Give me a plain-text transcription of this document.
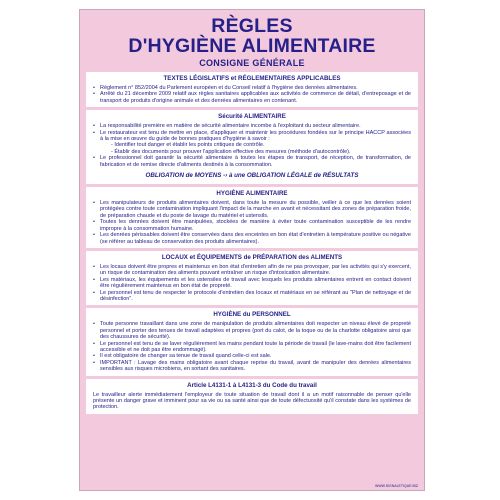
RÈGLES
D'HYGIÈNE ALIMENTAIRE
CONSIGNE GÉNÉRALE
TEXTES LÉGISLATIFS et RÉGLEMENTAIRES APPLICABLES
• Règlement n° 852/2004 du Parlement européen et du Conseil relatif à l'hygiène des denrées alimentaires.
• Arrêté du 21 décembre 2009 relatif aux règles sanitaires applicables aux activités de commerce de détail, d'entreposage et de transport de produits d'origine animale et des denrées alimentaires en contenant.
Sécurité ALIMENTAIRE
• La responsabilité première en matière de sécurité alimentaire incombe à l'exploitant du secteur alimentaire.
• Le restaurateur est tenu de mettre en place, d'appliquer et maintenir les procédures fondées sur le principe HACCP associées à la mise en œuvre du guide de bonnes pratiques d'hygiène à savoir :
- Identifier tout danger et établir les points critiques de contrôle.
- Établir des documents pour prouver l'application effective des mesures (méthode d'autocontrôle).
• Le professionnel doit garantir la sécurité alimentaire à toutes les étapes de transport, de réception, de transformation, de fabrication et de remise directe d'aliments destinés à la consommation.
OBLIGATION de MOYENS -› à une OBLIGATION LÉGALE de RÉSULTATS
HYGIÈNE ALIMENTAIRE
• Les manipulateurs de produits alimentaires doivent, dans toute la mesure du possible, veiller à ce que les denrées soient protégées contre toute contamination impliquant l'impact de la marche en avant et nécessitant des zones de préparation froide, de préparation chaude et du poste de lavage du matériel et ustensils.
• Toutes les denrées doivent être manipulées, stockées de manière à éviter toute contamination susceptible de les rendre impropre à la consommation humaine.
• Les denrées périssables doivent être conservées dans des enceintes en bon état d'entretien à température positive ou négative (se référer au tableau de conservation des produits alimentaires).
LOCAUX et ÉQUIPEMENTS de PRÉPARATION des ALIMENTS
• Les locaux doivent être propres et maintenus en bon état d'entretien afin de ne pas provoquer, par les activités qui s'y exercent, un risque de contamination des aliments pouvant entraîner un risque d'intoxication alimentaire.
• Les matériaux, les équipements et les ustensiles de travail avec lesquels les produits alimentaires entrent en contact doivent être régulièrement maintenus en bon état de propreté.
• Le personnel est tenu de respecter le protocole d'entretien des locaux et matériaux en se référant au "Plan de nettoyage et de désinfection".
HYGIÈNE du PERSONNEL
• Toute personne travaillant dans une zone de manipulation de produits alimentaires doit respecter un niveau élevé de propreté personnel et porter des tenues de travail adaptées et propres (port du calot, de la toque ou de la charlotte obligatoire ainsi que des chaussures de sécurité).
• Le personnel est tenu de se laver régulièrement les mains pendant toute la période de travail (le lave-mains doit être facilement accessible et ne doit pas être endommagé).
• Il est obligatoire de changer sa tenue de travail quand celle-ci est sale.
• IMPORTANT : Lavage des mains obligatoire avant chaque reprise du travail, avant de manipuler des denrées alimentaires sensibles aux risques microbiens, en sortant des sanitaires.
Article L4131-1 à L4131-3 du Code du travail
Le travailleur alerte immédiatement l'employeur de toute situation de travail dont il a un motif raisonnable de penser qu'elle présente un danger grave et imminent pour sa vie ou sa santé ainsi que de toute défectuosité qu'il constate dans les systèmes de protection.
WWW.SIGNALETIQUE.BIZ
